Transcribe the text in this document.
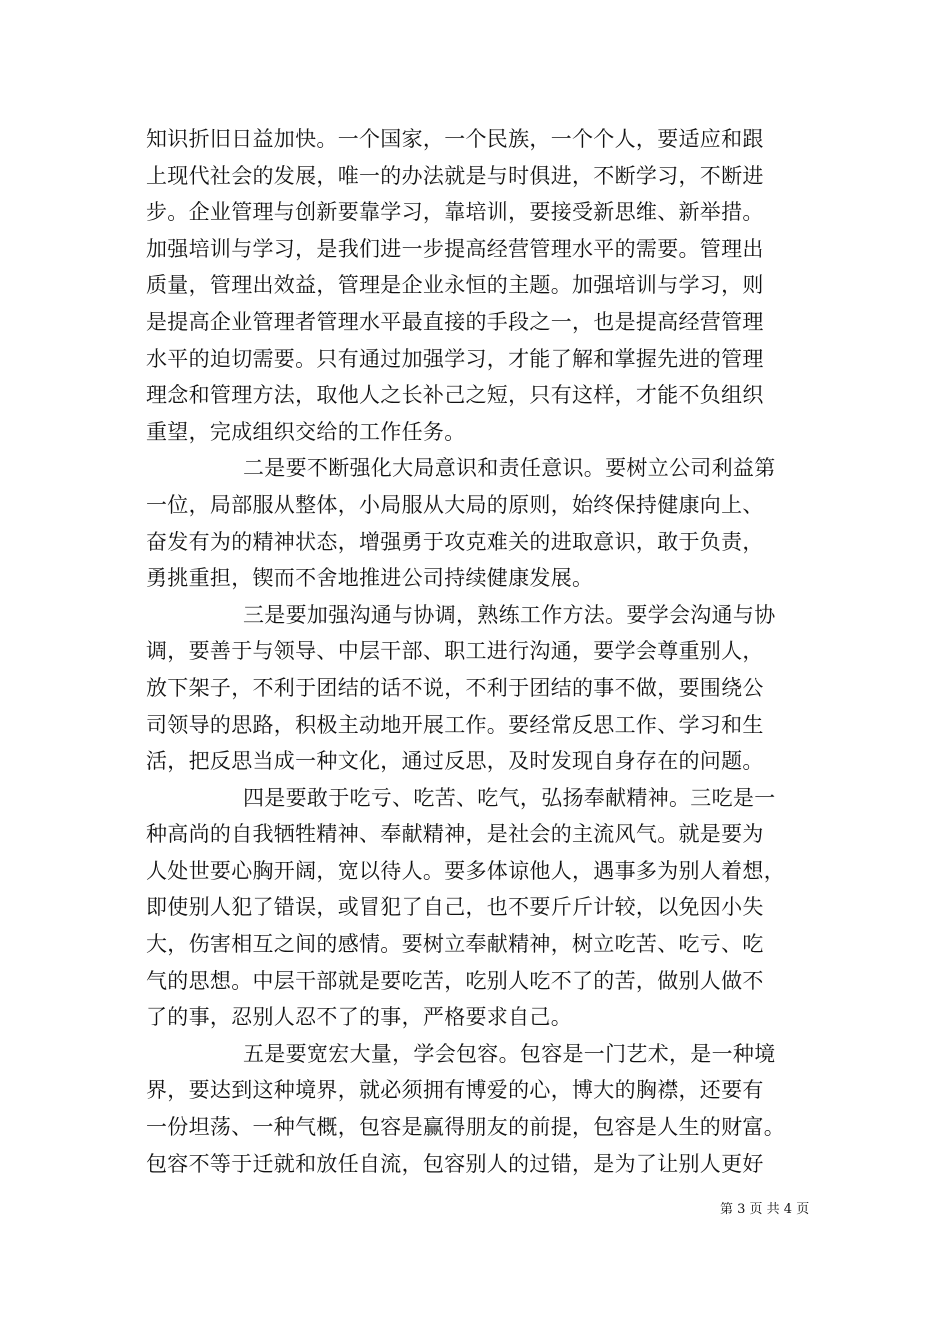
知识折旧日益加快。一个国家，一个民族，一个个人，要适应和跟
上现代社会的发展，唯一的办法就是与时俱进，不断学习，不断进
步。企业管理与创新要靠学习，靠培训，要接受新思维、新举措。
加强培训与学习，是我们进一步提高经营管理水平的需要。管理出
质量，管理出效益，管理是企业永恒的主题。加强培训与学习，则
是提高企业管理者管理水平最直接的手段之一，也是提高经营管理
水平的迫切需要。只有通过加强学习，才能了解和掌握先进的管理
理念和管理方法，取他人之长补己之短，只有这样，才能不负组织
重望，完成组织交给的工作任务。
二是要不断强化大局意识和责任意识。要树立公司利益第
一位，局部服从整体，小局服从大局的原则，始终保持健康向上、
奋发有为的精神状态，增强勇于攻克难关的进取意识，敢于负责，
勇挑重担，锲而不舍地推进公司持续健康发展。
三是要加强沟通与协调，熟练工作方法。要学会沟通与协
调，要善于与领导、中层干部、职工进行沟通，要学会尊重别人，
放下架子，不利于团结的话不说，不利于团结的事不做，要围绕公
司领导的思路，积极主动地开展工作。要经常反思工作、学习和生
活，把反思当成一种文化，通过反思，及时发现自身存在的问题。
四是要敢于吃亏、吃苦、吃气，弘扬奉献精神。三吃是一
种高尚的自我牺牲精神、奉献精神，是社会的主流风气。就是要为
人处世要心胸开阔，宽以待人。要多体谅他人，遇事多为别人着想，
即使别人犯了错误，或冒犯了自己，也不要斤斤计较，以免因小失
大，伤害相互之间的感情。要树立奉献精神，树立吃苦、吃亏、吃
气的思想。中层干部就是要吃苦，吃别人吃不了的苦，做别人做不
了的事，忍别人忍不了的事，严格要求自己。
五是要宽宏大量，学会包容。包容是一门艺术，是一种境
界，要达到这种境界，就必须拥有博爱的心，博大的胸襟，还要有
一份坦荡、一种气概，包容是赢得朋友的前提，包容是人生的财富。
包容不等于迁就和放任自流，包容别人的过错，是为了让别人更好
第 3 页 共 4 页
